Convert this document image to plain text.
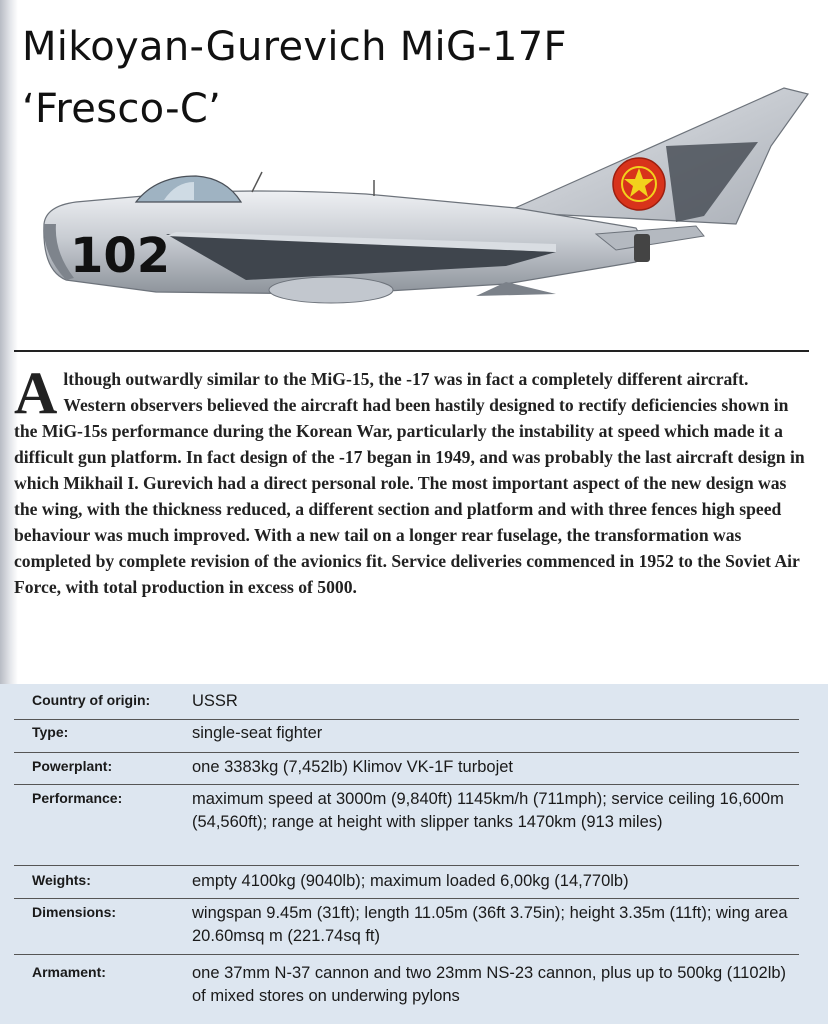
Mikoyan-Gurevich MiG-17F
‘Fresco-C’
102

Although outwardly similar to the MiG-15, the -17 was in fact a completely different aircraft. Western observers believed the aircraft had been hastily designed to rectify deficiencies shown in the MiG-15s performance during the Korean War, particularly the instability at speed which made it a difficult gun platform. In fact design of the -17 began in 1949, and was probably the last aircraft design in which Mikhail I. Gurevich had a direct personal role. The most important aspect of the new design was the wing, with the thickness reduced, a different section and platform and with three fences high speed behaviour was much improved. With a new tail on a longer rear fuselage, the transformation was completed by complete revision of the avionics fit. Service deliveries commenced in 1952 to the Soviet Air Force, with total production in excess of 5000.

Country of origin:	USSR
Type:	single-seat fighter
Powerplant:	one 3383kg (7,452lb) Klimov VK-1F turbojet
Performance:	maximum speed at 3000m (9,840ft) 1145km/h (711mph); service ceiling 16,600m (54,560ft); range at height with slipper tanks 1470km (913 miles)
Weights:	empty 4100kg (9040lb); maximum loaded 6,00kg (14,770lb)
Dimensions:	wingspan 9.45m (31ft); length 11.05m (36ft 3.75in); height 3.35m (11ft); wing area 20.60msq m (221.74sq ft)
Armament:	one 37mm N-37 cannon and two 23mm NS-23 cannon, plus up to 500kg (1102lb) of mixed stores on underwing pylons
